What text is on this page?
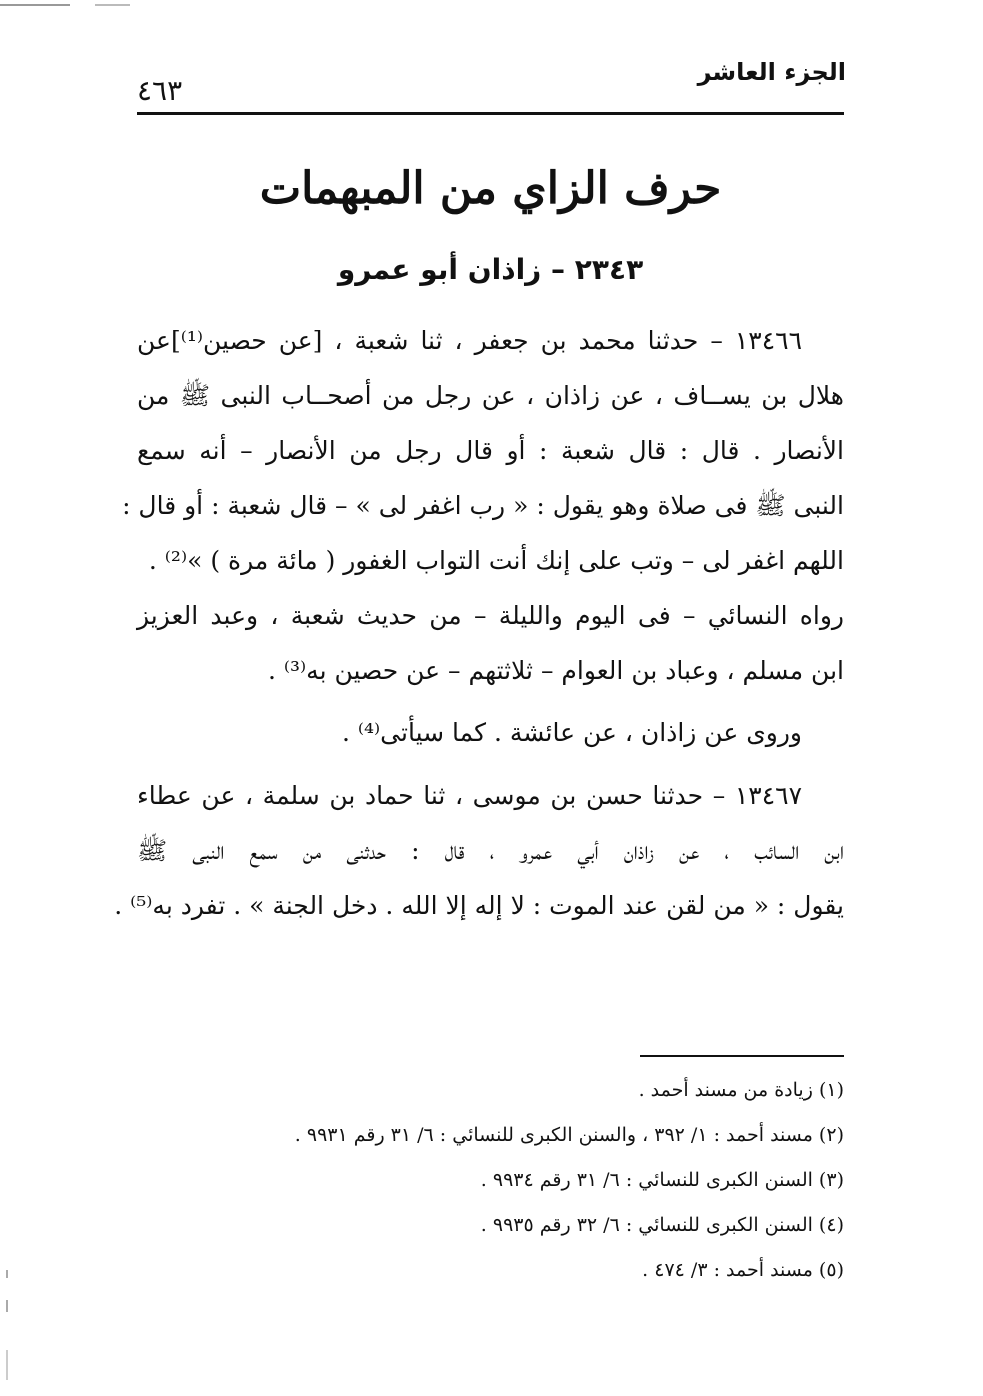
الجزء العاشر
٤٦٣
حرف الزاي من المبهمات
٢٣٤٣ – زاذان أبو عمرو
١٣٤٦٦ – حدثنا محمد بن جعفر ، ثنا شعبة ، [عن حصين⁽¹⁾]عن
هلال بن يســاف ، عن زاذان ، عن رجل من أصحــاب النبى ﷺ من
الأنصار . قال : قال شعبة : أو قال رجل من الأنصار – أنه سمع
النبى ﷺ فى صلاة وهو يقول : « رب اغفر لى » – قال شعبة : أو قال :
اللهم اغفر لى – وتب على إنك أنت التواب الغفور ( مائة مرة ) »⁽²⁾ .
رواه النسائي – فى اليوم والليلة – من حديث شعبة ، وعبد العزيز
ابن مسلم ، وعباد بن العوام – ثلاثتهم – عن حصين به⁽³⁾ .
وروى عن زاذان ، عن عائشة . كما سيأتى⁽⁴⁾ .
١٣٤٦٧ – حدثنا حسن بن موسى ، ثنا حماد بن سلمة ، عن عطاء
ابن السائب ، عن زاذان أبي عمرو ، قال : حدثنى من سمع النبى ﷺ
يقول : « من لقن عند الموت : لا إله إلا الله . دخل الجنة » . تفرد به⁽⁵⁾ .
(١) زيادة من مسند أحمد .
(٢) مسند أحمد : ١/ ٣٩٢ ، والسنن الكبرى للنسائي : ٦/ ٣١ رقم ٩٩٣١ .
(٣) السنن الكبرى للنسائي : ٦/ ٣١ رقم ٩٩٣٤ .
(٤) السنن الكبرى للنسائي : ٦/ ٣٢ رقم ٩٩٣٥ .
(٥) مسند أحمد : ٣/ ٤٧٤ .
